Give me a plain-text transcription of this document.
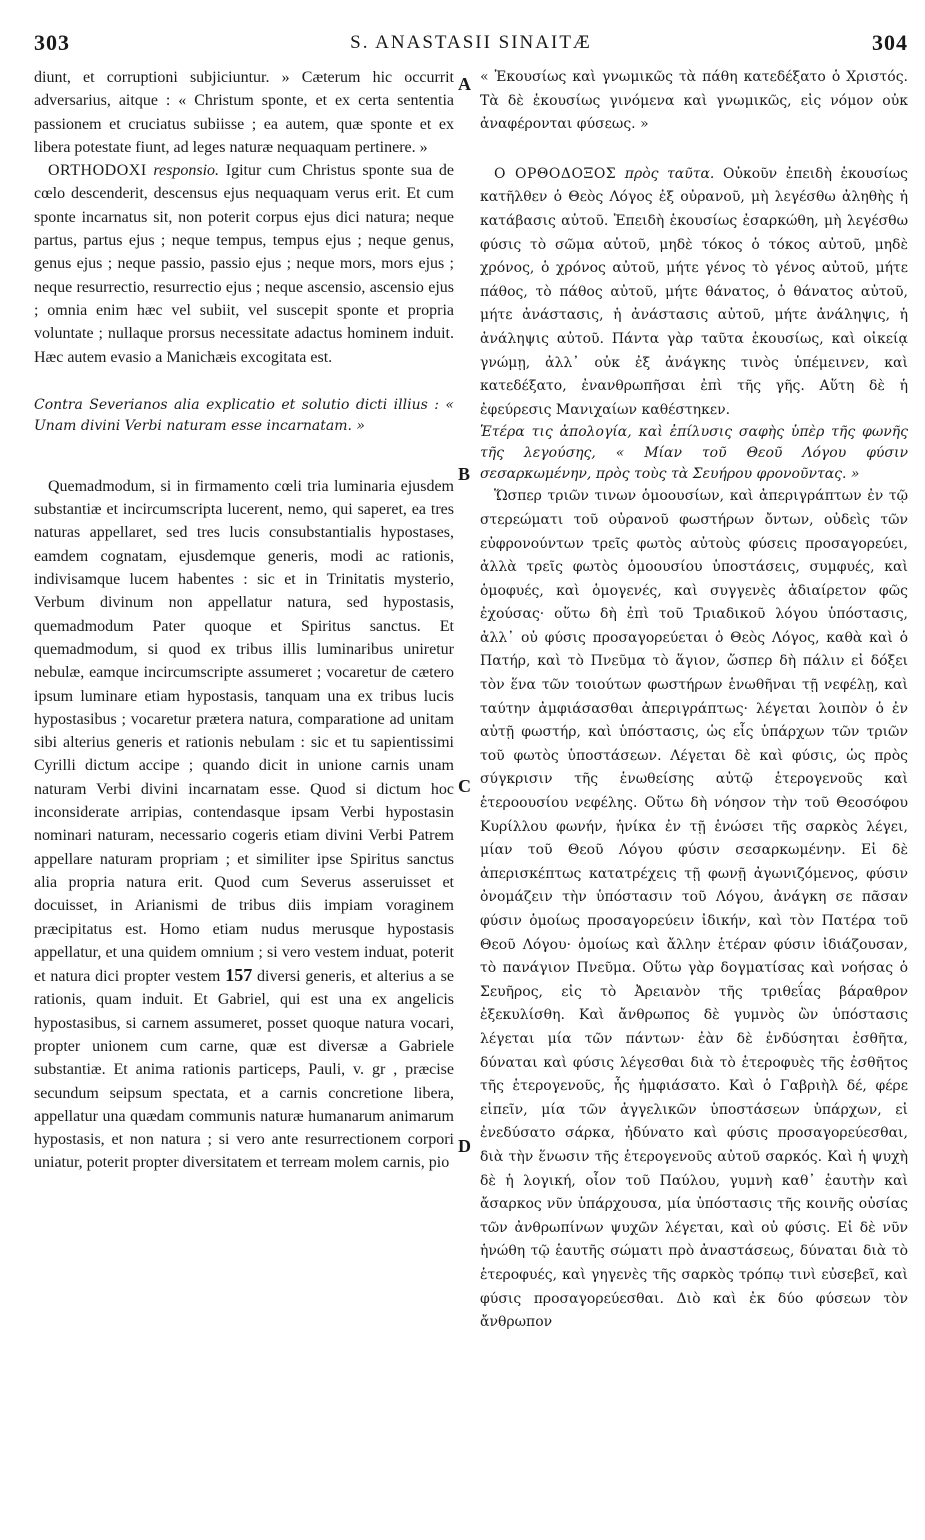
303	S. ANASTASII SINAITÆ	304

diunt, et corruptioni subjiciuntur. » Cæterum hic occurrit adversarius, aitque : « Christum sponte, et ex certa sententia passionem et cruciatus subiisse ; ea autem, quæ sponte et ex libera potestate fiunt, ad leges naturæ nequaquam pertinere. »

ORTHODOXI responsio. Igitur cum Christus sponte sua de cœlo descenderit, descensus ejus nequaquam verus erit. Et cum sponte incarnatus sit, non poterit corpus ejus dici natura; neque partus, partus ejus ; neque tempus, tempus ejus ; neque genus, genus ejus ; neque passio, passio ejus ; neque mors, mors ejus ; neque resurrectio, resurrectio ejus ; neque ascensio, ascensio ejus ; omnia enim hæc vel subiit, vel suscepit sponte et propria voluntate ; nullaque prorsus necessitate adactus hominem induit. Hæc autem evasio a Manichæis excogitata est.

Contra Severianos alia explicatio et solutio dicti illius : « Unam divini Verbi naturam esse incarnatam. »

Quemadmodum, si in firmamento cœli tria luminaria ejusdem substantiæ et incircumscripta lucerent, nemo, qui saperet, ea tres naturas appellaret, sed tres lucis consubstantialis hypostases, eamdem cognatam, ejusdemque generis, modi ac rationis, indivisamque lucem habentes : sic et in Trinitatis mysterio, Verbum divinum non appellatur natura, sed hypostasis, quemadmodum Pater quoque et Spiritus sanctus. Et quemadmodum, si quod ex tribus illis luminaribus uniretur nebulæ, eamque incircumscripte assumeret ; vocaretur de cætero ipsum luminare etiam hypostasis, tanquam una ex tribus lucis hypostasibus ; vocaretur prætera natura, comparatione ad unitam sibi alterius generis et rationis nebulam : sic et tu sapientissimi Cyrilli dictum accipe ; quando dicit in unione carnis unam naturam Verbi divini incarnatam esse. Quod si dictum hoc inconsiderate arripias, contendasque ipsam Verbi hypostasin nominari naturam, necessario cogeris etiam divini Verbi Patrem appellare naturam propriam ; et similiter ipse Spiritus sanctus alia propria natura erit. Quod cum Severus asseruisset et docuisset, in Arianismi de tribus diis impiam voraginem præcipitatus est. Homo etiam nudus merusque hypostasis appellatur, et una quidem omnium ; si vero vestem induat, poterit et natura dici propter vestem 157 diversi generis, et alterius a se rationis, quam induit. Et Gabriel, qui est una ex angelicis hypostasibus, si carnem assumeret, posset quoque natura vocari, propter unionem cum carne, quæ est diversæ a Gabriele substantiæ. Et anima rationis particeps, Pauli, v. gr , præcise secundum seipsum spectata, et a carnis concretione libera, appellatur una quædam communis naturæ humanarum animarum hypostasis, et non natura ; si vero ante resurrectionem corpori uniatur, poterit propter diversitatem et terream molem carnis, pio

« Ἑκουσίως καὶ γνωμικῶς τὰ πάθη κατεδέξατο ὁ Χριστός. Τὰ δὲ ἑκουσίως γινόμενα καὶ γνωμικῶς, εἰς νόμον οὐκ ἀναφέρονται φύσεως. »

Ο ΟΡΘΟΔΟΞΟΣ πρὸς ταῦτα. Οὐκοῦν ἐπειδὴ ἑκουσίως κατῆλθεν ὁ Θεὸς Λόγος ἐξ οὐρανοῦ, μὴ λεγέσθω ἀληθὴς ἡ κατάβασις αὐτοῦ. Ἐπειδὴ ἑκουσίως ἐσαρκώθη, μὴ λεγέσθω φύσις τὸ σῶμα αὐτοῦ, μηδὲ τόκος ὁ τόκος αὐτοῦ, μηδὲ χρόνος, ὁ χρόνος αὐτοῦ, μήτε γένος τὸ γένος αὐτοῦ, μήτε πάθος, τὸ πάθος αὐτοῦ, μήτε θάνατος, ὁ θάνατος αὐτοῦ, μήτε ἀνάστασις, ἡ ἀνάστασις αὐτοῦ, μήτε ἀνάληψις, ἡ ἀνάληψις αὐτοῦ. Πάντα γὰρ ταῦτα ἑκουσίως, καὶ οἰκείᾳ γνώμῃ, ἀλλ᾽ οὐκ ἐξ ἀνάγκης τινὸς ὑπέμεινεν, καὶ κατεδέξατο, ἐνανθρωπῆσαι ἐπὶ τῆς γῆς. Αὕτη δὲ ἡ ἐφεύρεσις Μανιχαίων καθέστηκεν.

Ἑτέρα τις ἀπολογία, καὶ ἐπίλυσις σαφὴς ὑπὲρ τῆς φωνῆς τῆς λεγούσης, « Μίαν τοῦ Θεοῦ Λόγου φύσιν σεσαρκωμένην, πρὸς τοὺς τὰ Σευήρου φρονοῦντας. »

Ὥσπερ τριῶν τινων ὁμοουσίων, καὶ ἀπεριγράπτων ἐν τῷ στερεώματι τοῦ οὐρανοῦ φωστήρων ὄντων, οὐδεὶς τῶν εὐφρονούντων τρεῖς φωτὸς αὐτοὺς φύσεις προσαγορεύει, ἀλλὰ τρεῖς φωτὸς ὁμοουσίου ὑποστάσεις, συμφυές, καὶ ὁμοφυές, καὶ ὁμογενές, καὶ συγγενὲς ἀδιαίρετον φῶς ἐχούσας· οὕτω δὴ ἐπὶ τοῦ Τριαδικοῦ λόγου ὑπόστασις, ἀλλ᾽ οὐ φύσις προσαγορεύεται ὁ Θεὸς Λόγος, καθὰ καὶ ὁ Πατήρ, καὶ τὸ Πνεῦμα τὸ ἅγιον, ὥσπερ δὴ πάλιν εἰ δόξει τὸν ἕνα τῶν τοιούτων φωστήρων ἑνωθῆναι τῇ νεφέλῃ, καὶ ταύτην ἀμφιάσασθαι ἀπεριγράπτως· λέγεται λοιπὸν ὁ ἐν αὐτῇ φωστήρ, καὶ ὑπόστασις, ὡς εἷς ὑπάρχων τῶν τριῶν τοῦ φωτὸς ὑποστάσεων. Λέγεται δὲ καὶ φύσις, ὡς πρὸς σύγκρισιν τῆς ἑνωθείσης αὐτῷ ἑτερογενοῦς καὶ ἑτεροουσίου νεφέλης. Οὕτω δὴ νόησον τὴν τοῦ Θεοσόφου Κυρίλλου φωνήν, ἡνίκα ἐν τῇ ἑνώσει τῆς σαρκὸς λέγει, μίαν τοῦ Θεοῦ Λόγου φύσιν σεσαρκωμένην. Εἰ δὲ ἀπερισκέπτως κατατρέχεις τῇ φωνῇ ἀγωνιζόμενος, φύσιν ὀνομάζειν τὴν ὑπόστασιν τοῦ Λόγου, ἀνάγκη σε πᾶσαν φύσιν ὁμοίως προσαγορεύειν ἰδικήν, καὶ τὸν Πατέρα τοῦ Θεοῦ Λόγου· ὁμοίως καὶ ἄλλην ἑτέραν φύσιν ἰδιάζουσαν, τὸ πανάγιον Πνεῦμα. Οὕτω γὰρ δογματίσας καὶ νοήσας ὁ Σευῆρος, εἰς τὸ Ἀρειανὸν τῆς τριθεΐας βάραθρον ἐξεκυλίσθη. Καὶ ἄνθρωπος δὲ γυμνὸς ὢν ὑπόστασις λέγεται μία τῶν πάντων· ἐὰν δὲ ἐνδύσηται ἐσθῆτα, δύναται καὶ φύσις λέγεσθαι διὰ τὸ ἑτεροφυὲς τῆς ἐσθῆτος τῆς ἑτερογενοῦς, ἧς ἠμφιάσατο. Καὶ ὁ Γαβριὴλ δέ, φέρε εἰπεῖν, μία τῶν ἀγγελικῶν ὑποστάσεων ὑπάρχων, εἰ ἐνεδύσατο σάρκα, ἠδύνατο καὶ φύσις προσαγορεύεσθαι, διὰ τὴν ἕνωσιν τῆς ἑτερογενοῦς αὐτοῦ σαρκός. Καὶ ἡ ψυχὴ δὲ ἡ λογική, οἷον τοῦ Παύλου, γυμνὴ καθ᾽ ἑαυτὴν καὶ ἄσαρκος νῦν ὑπάρχουσα, μία ὑπόστασις τῆς κοινῆς οὐσίας τῶν ἀνθρωπίνων ψυχῶν λέγεται, καὶ οὐ φύσις. Εἰ δὲ νῦν ἡνώθη τῷ ἑαυτῆς σώματι πρὸ ἀναστάσεως, δύναται διὰ τὸ ἑτεροφυές, καὶ γηγενὲς τῆς σαρκὸς τρόπῳ τινὶ εὐσεβεῖ, καὶ φύσις προσαγορεύεσθαι. Διὸ καὶ ἐκ δύο φύσεων τὸν ἄνθρωπον

A
B
C
D
